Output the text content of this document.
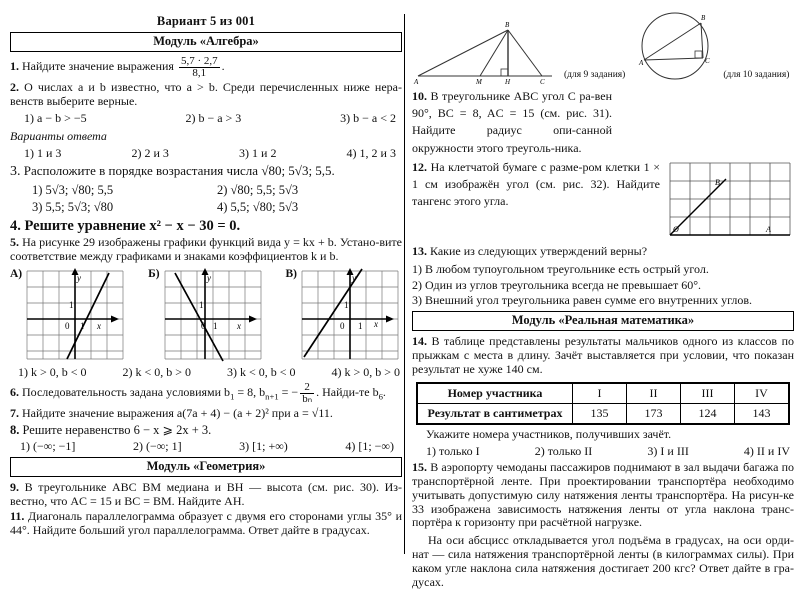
Вариант 5 из 001
Модуль «Алгебра»
1. Найдите значение выражения $\frac{5,7 \cdot 2,7}{8,1}$ .
2. О числах a и b известно, что a > b. Среди перечисленных ниже нера-венств выберите верные.
1) a − b > −5	2) b − a > 3	3) b − a < 2
Варианты ответа
1) 1 и 3	2) 2 и 3	3) 1 и 2	4) 1, 2 и 3
3. Расположите в порядке возрастания числа √80; 5√3; 5,5.
1) 5√3; √80; 5,5	2) √80; 5,5; 5√3
3) 5,5; 5√3; √80	4) 5,5; √80; 5√3
4. Решите уравнение x² − x − 30 = 0.
5. На рисунке 29 изображены графики функций вида y = kx + b. Устано-вите соответствие между графиками и знаками коэффициентов k и b.
А)	y
0 1
1
x
Б)	y
0 1
1
x
В)	y
0 1
1
x
1) k > 0, b < 0	2) k < 0, b > 0	3) k < 0, b < 0	4) k > 0, b > 0
6. Последовательность задана условиями $b_1 = 8$, $b_{n+1}$ = − $\frac{2}{\text{bₙ}}$ . Найди-те $b_6$.
7. Найдите значение выражения a(7a + 4) − (a + 2)² при a = √11.
8. Решите неравенство 6 − x ⩾ 2x + 3.
1) (−∞; −1]	2) (−∞; 1]	3) [1; +∞)	4) [1; −∞)
Модуль «Геометрия»
9. В треугольнике ABC BM медиана и BH — высота (см. рис. 30). Из-вестно, что AC = 15 и BC = BM. Найдите AH.
11. Диагональ параллелограмма образует с двумя его сторонами углы 35° и 44°. Найдите больший угол параллелограмма. Ответ дайте в градусах.
A	M	H	C
B
(для 9 задания)
A
B
C
(для 10 задания)
10. В треугольнике ABC угол C ра-вен 90°, BC = 8, AC = 15 (см. рис. 31). Найдите радиус опи-санной окружности этого треуголь-ника.
O
B
A
12. На клетчатой бумаге с разме-ром клетки 1 × 1 см изображён угол (см. рис. 32). Найдите тангенс этого угла.
13. Какие из следующих утверждений верны?
1) В любом тупоугольном треугольнике есть острый угол.
2) Один из углов треугольника всегда не превышает 60°.
3) Внешний угол треугольника равен сумме его внутренних углов.
Модуль «Реальная математика»
14. В таблице представлены результаты мальчиков одного из классов по прыжкам с места в длину. Зачёт выставляется при условии, что показан результат не хуже 140 см.
Номер участника	I	II	III	IV
Результат в сантиметрах	135	173	124	143
Укажите номера участников, получивших зачёт.
1) только I	2) только II	3) I и III	4) II и IV
15. В аэропорту чемоданы пассажиров поднимают в зал выдачи багажа по транспортёрной ленте. При проектировании транспортёра необходимо учитывать допустимую силу натяжения ленты транспортёра. На рисун-ке 33 изображена зависимость натяжения ленты от угла наклона транс-портёра к горизонту при расчётной нагрузке.
На оси абсцисс откладывается угол подъёма в градусах, на оси орди-нат — сила натяжения транспортёрной ленты (в килограммах силы). При каком угле наклона сила натяжения достигает 200 кгс? Ответ дайте в гра-дусах.
